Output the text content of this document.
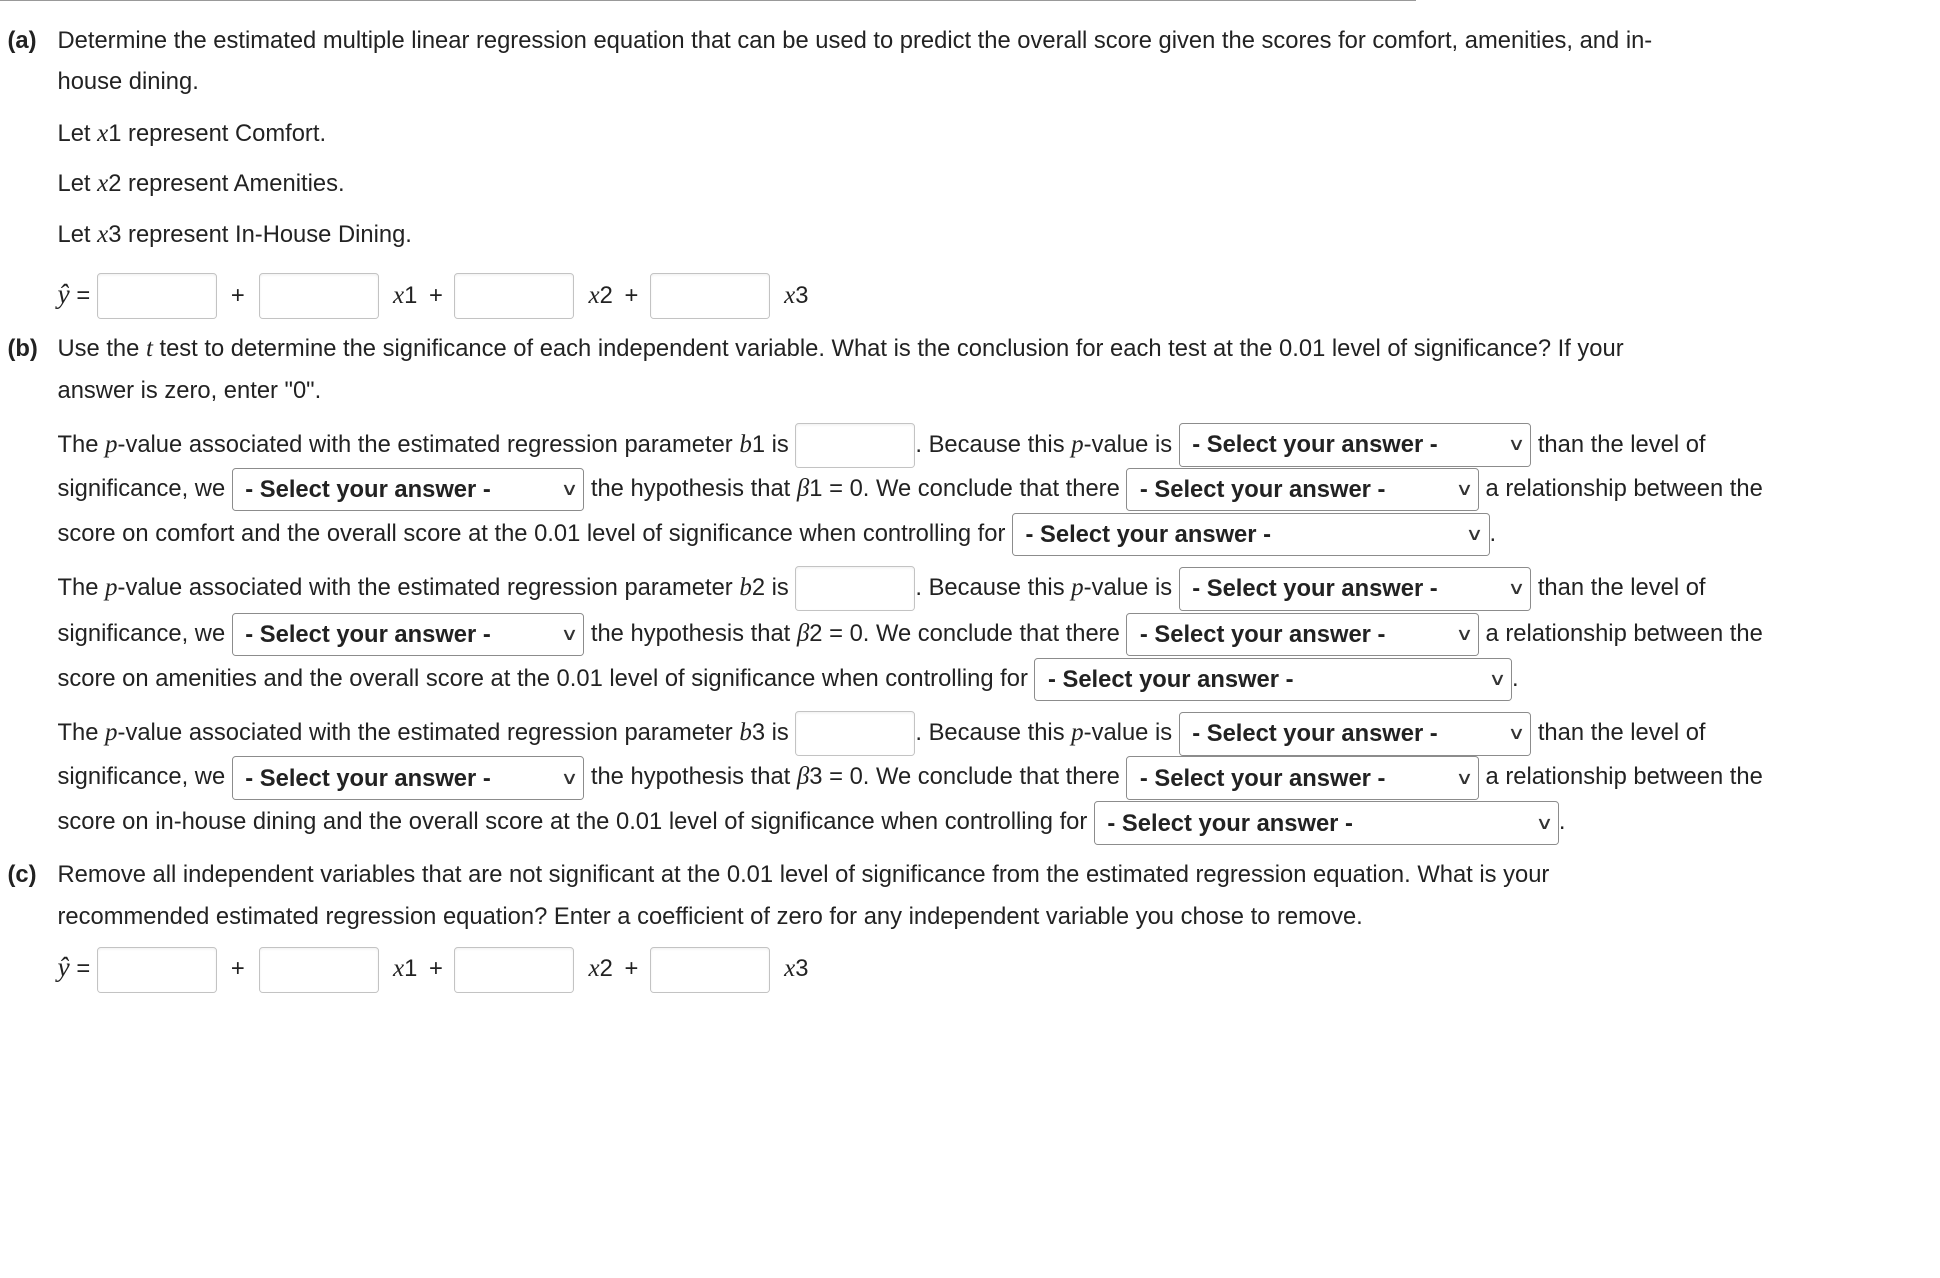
(a) Determine the estimated multiple linear regression equation that can be used to predict the overall score given the scores for comfort, amenities, and in-
house dining.
Let x1 represent Comfort.
Let x2 represent Amenities.
Let x3 represent In-House Dining.
ŷ =	+	x1 +	x2 +	x3
(b) Use the t test to determine the significance of each independent variable. What is the conclusion for each test at the 0.01 level of significance? If your
answer is zero, enter "0".
The p-value associated with the estimated regression parameter b1 is	. Because this p-value is - Select your answer -	∨ than the level of
significance, we - Select your answer -	∨ the hypothesis that β1 = 0. We conclude that there - Select your answer -	∨ a relationship between the
score on comfort and the overall score at the 0.01 level of significance when controlling for - Select your answer -	∨ .
The p-value associated with the estimated regression parameter b2 is	. Because this p-value is - Select your answer -	∨ than the level of
significance, we - Select your answer -	∨ the hypothesis that β2 = 0. We conclude that there - Select your answer -	∨ a relationship between the
score on amenities and the overall score at the 0.01 level of significance when controlling for - Select your answer -	∨ .
The p-value associated with the estimated regression parameter b3 is	. Because this p-value is - Select your answer -	∨ than the level of
significance, we - Select your answer -	∨ the hypothesis that β3 = 0. We conclude that there - Select your answer -	∨ a relationship between the
score on in-house dining and the overall score at the 0.01 level of significance when controlling for - Select your answer -	∨ .
(c) Remove all independent variables that are not significant at the 0.01 level of significance from the estimated regression equation. What is your
recommended estimated regression equation? Enter a coefficient of zero for any independent variable you chose to remove.
ŷ =	+	x1 +	x2 +	x3
